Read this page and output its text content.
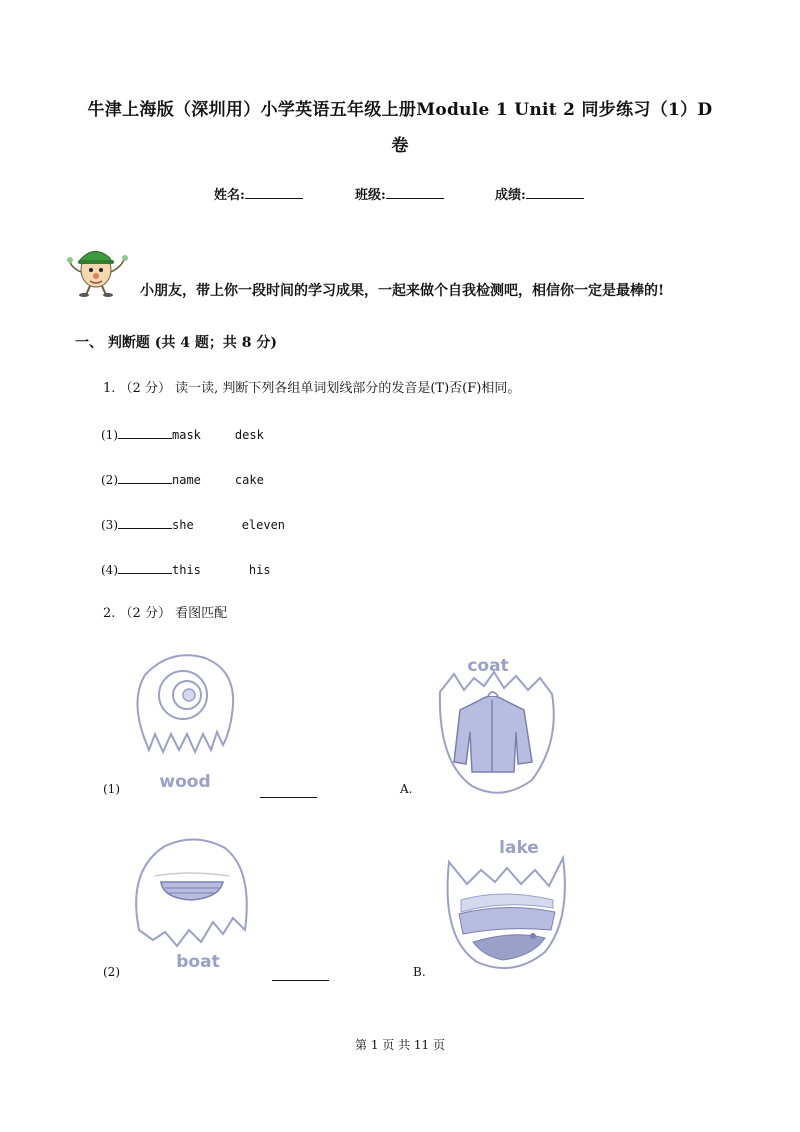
牛津上海版（深圳用）小学英语五年级上册Module 1 Unit 2 同步练习（1）D
卷
姓名:	班级:	成绩:
小朋友，带上你一段时间的学习成果，一起来做个自我检测吧，相信你一定是最棒的!
一、 判断题 (共 4 题；共 8 分)
1. （2 分） 读一读, 判断下列各组单词划线部分的发音是(T)否(F)相同。
(1)	mask	desk
(2)	name	cake
(3)	she	eleven
(4)	this	his
2. （2 分） 看图匹配
wood
(1)
coat
A.
boat
(2)
lake
B.
第 1 页 共 11 页
